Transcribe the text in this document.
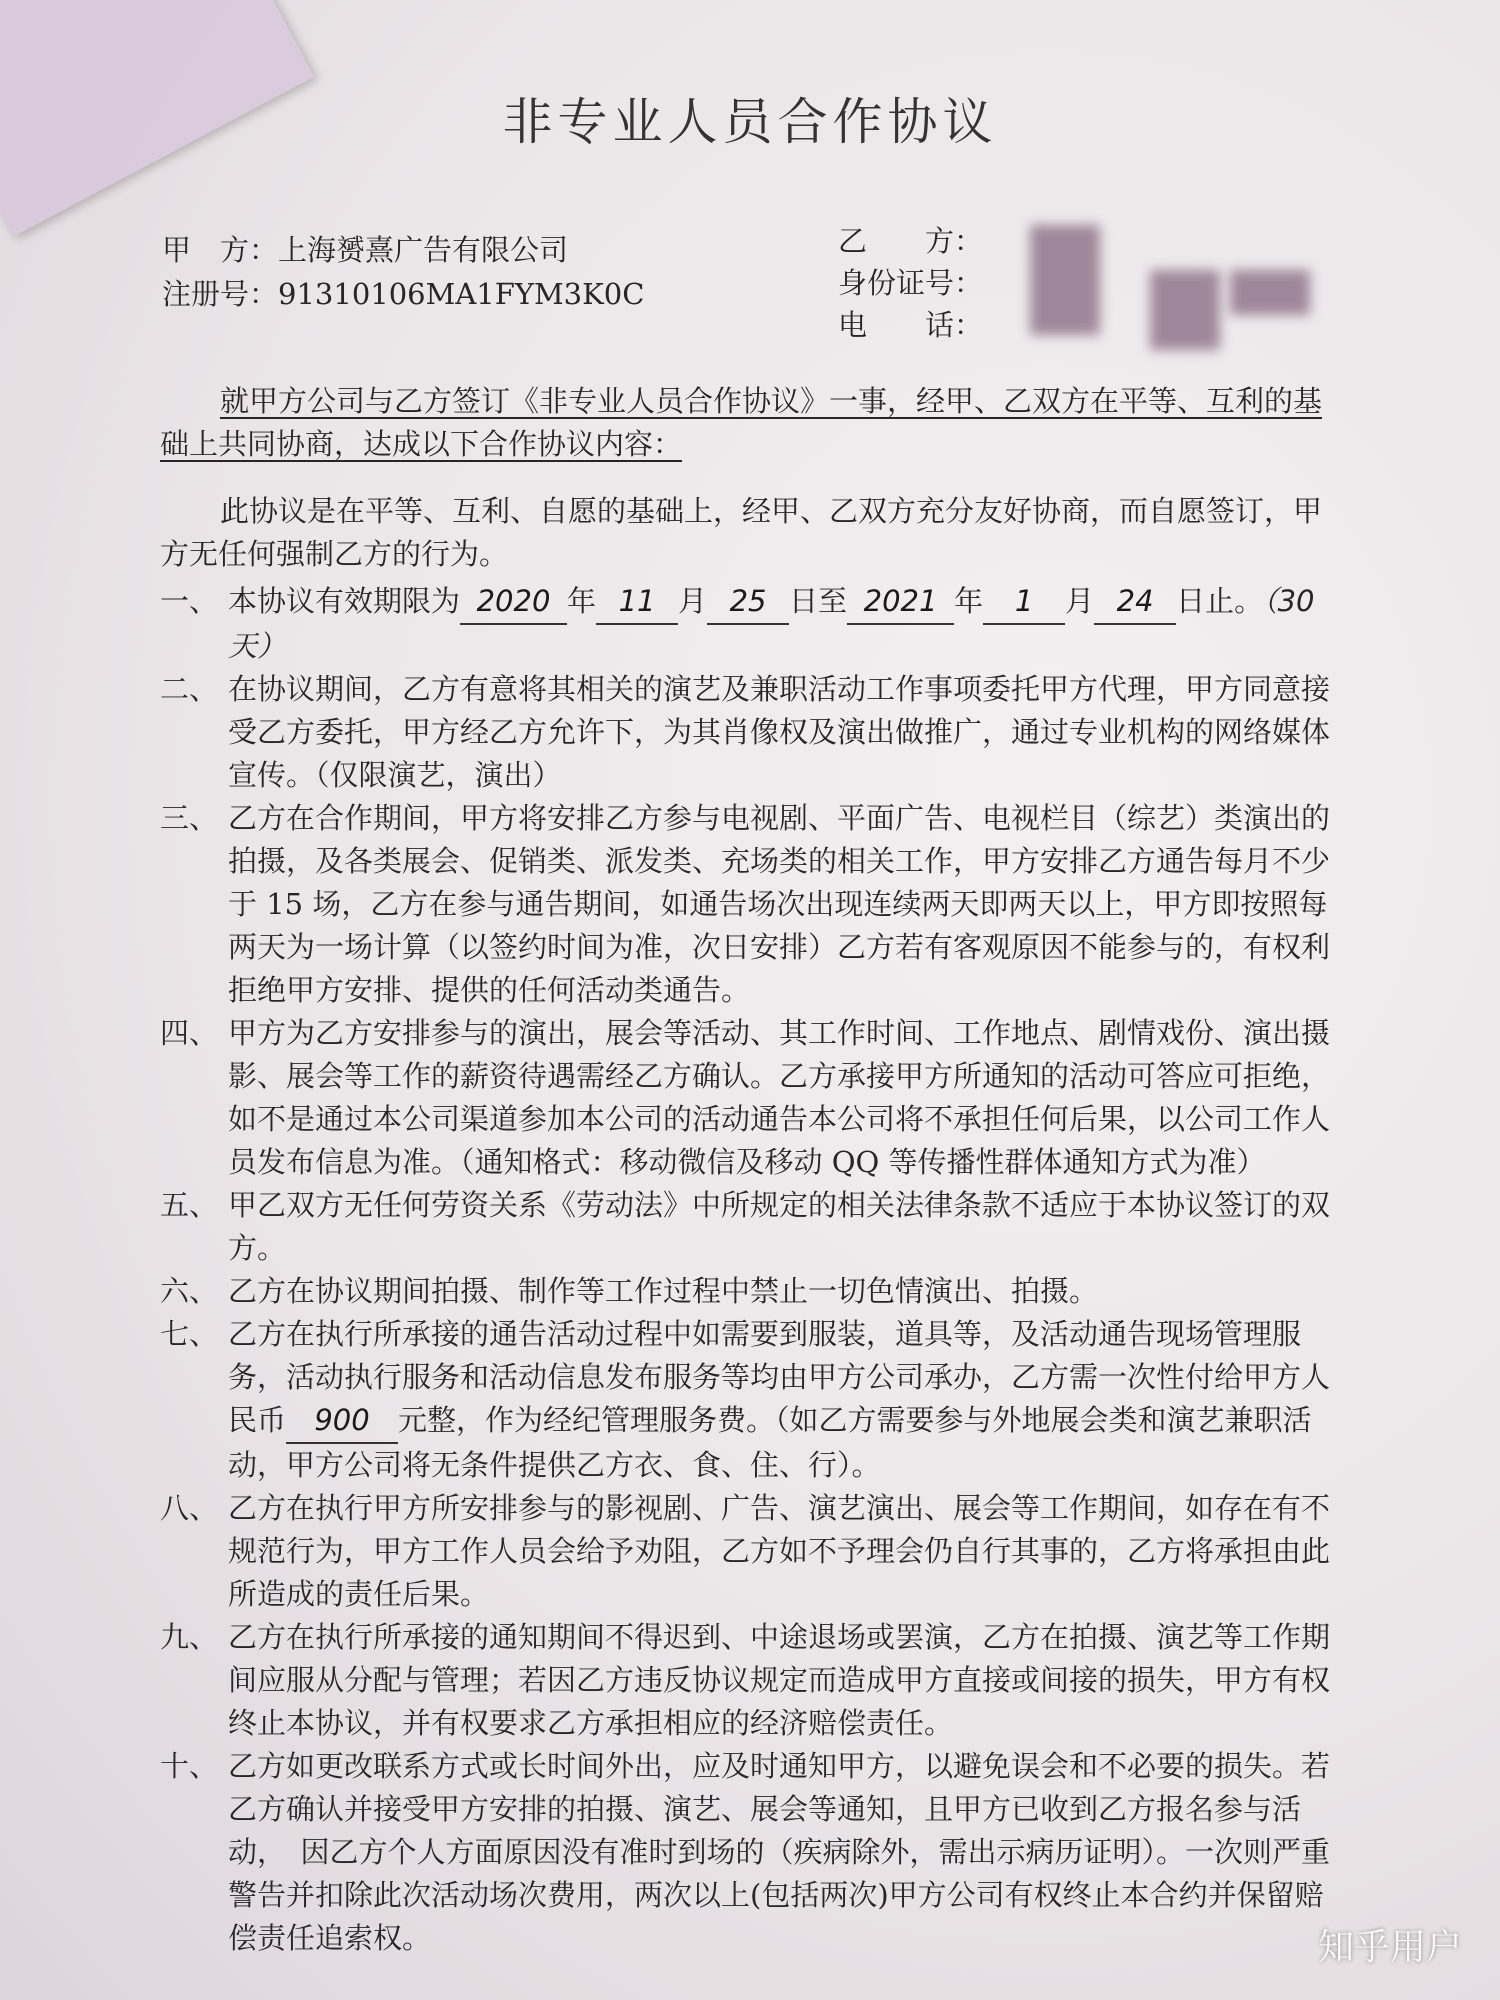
非专业人员合作协议
甲　方：上海赟熹广告有限公司
注册号：91310106MA1FYM3K0C
乙　　方：
身份证号：
电　　话：

就甲方公司与乙方签订《非专业人员合作协议》一事，经甲、乙双方在平等、互利的基础上共同协商，达成以下合作协议内容：

此协议是在平等、互利、自愿的基础上，经甲、乙双方充分友好协商，而自愿签订，甲方无任何强制乙方的行为。

一、 本协议有效期限为 2020 年 11 月 25 日至 2021 年 1 月 24 日止。（30天）
二、 在协议期间，乙方有意将其相关的演艺及兼职活动工作事项委托甲方代理，甲方同意接受乙方委托，甲方经乙方允许下，为其肖像权及演出做推广，通过专业机构的网络媒体宣传。（仅限演艺，演出）
三、 乙方在合作期间，甲方将安排乙方参与电视剧、平面广告、电视栏目（综艺）类演出的拍摄，及各类展会、促销类、派发类、充场类的相关工作，甲方安排乙方通告每月不少于 15 场，乙方在参与通告期间，如通告场次出现连续两天即两天以上，甲方即按照每两天为一场计算（以签约时间为准，次日安排）乙方若有客观原因不能参与的，有权利拒绝甲方安排、提供的任何活动类通告。
四、 甲方为乙方安排参与的演出，展会等活动、其工作时间、工作地点、剧情戏份、演出摄影、展会等工作的薪资待遇需经乙方确认。乙方承接甲方所通知的活动可答应可拒绝，如不是通过本公司渠道参加本公司的活动通告本公司将不承担任何后果，以公司工作人员发布信息为准。（通知格式：移动微信及移动 QQ 等传播性群体通知方式为准）
五、 甲乙双方无任何劳资关系《劳动法》中所规定的相关法律条款不适应于本协议签订的双方。
六、 乙方在协议期间拍摄、制作等工作过程中禁止一切色情演出、拍摄。
七、 乙方在执行所承接的通告活动过程中如需要到服装，道具等，及活动通告现场管理服务，活动执行服务和活动信息发布服务等均由甲方公司承办，乙方需一次性付给甲方人民币 900 元整，作为经纪管理服务费。（如乙方需要参与外地展会类和演艺兼职活动，甲方公司将无条件提供乙方衣、食、住、行）。
八、 乙方在执行甲方所安排参与的影视剧、广告、演艺演出、展会等工作期间，如存在有不规范行为，甲方工作人员会给予劝阻，乙方如不予理会仍自行其事的，乙方将承担由此所造成的责任后果。
九、 乙方在执行所承接的通知期间不得迟到、中途退场或罢演，乙方在拍摄、演艺等工作期间应服从分配与管理；若因乙方违反协议规定而造成甲方直接或间接的损失，甲方有权终止本协议，并有权要求乙方承担相应的经济赔偿责任。
十、 乙方如更改联系方式或长时间外出，应及时通知甲方，以避免误会和不必要的损失。若乙方确认并接受甲方安排的拍摄、演艺、展会等通知，且甲方已收到乙方报名参与活动，　因乙方个人方面原因没有准时到场的（疾病除外，需出示病历证明）。一次则严重警告并扣除此次活动场次费用，两次以上(包括两次)甲方公司有权终止本合约并保留赔偿责任追索权。	知乎用户
